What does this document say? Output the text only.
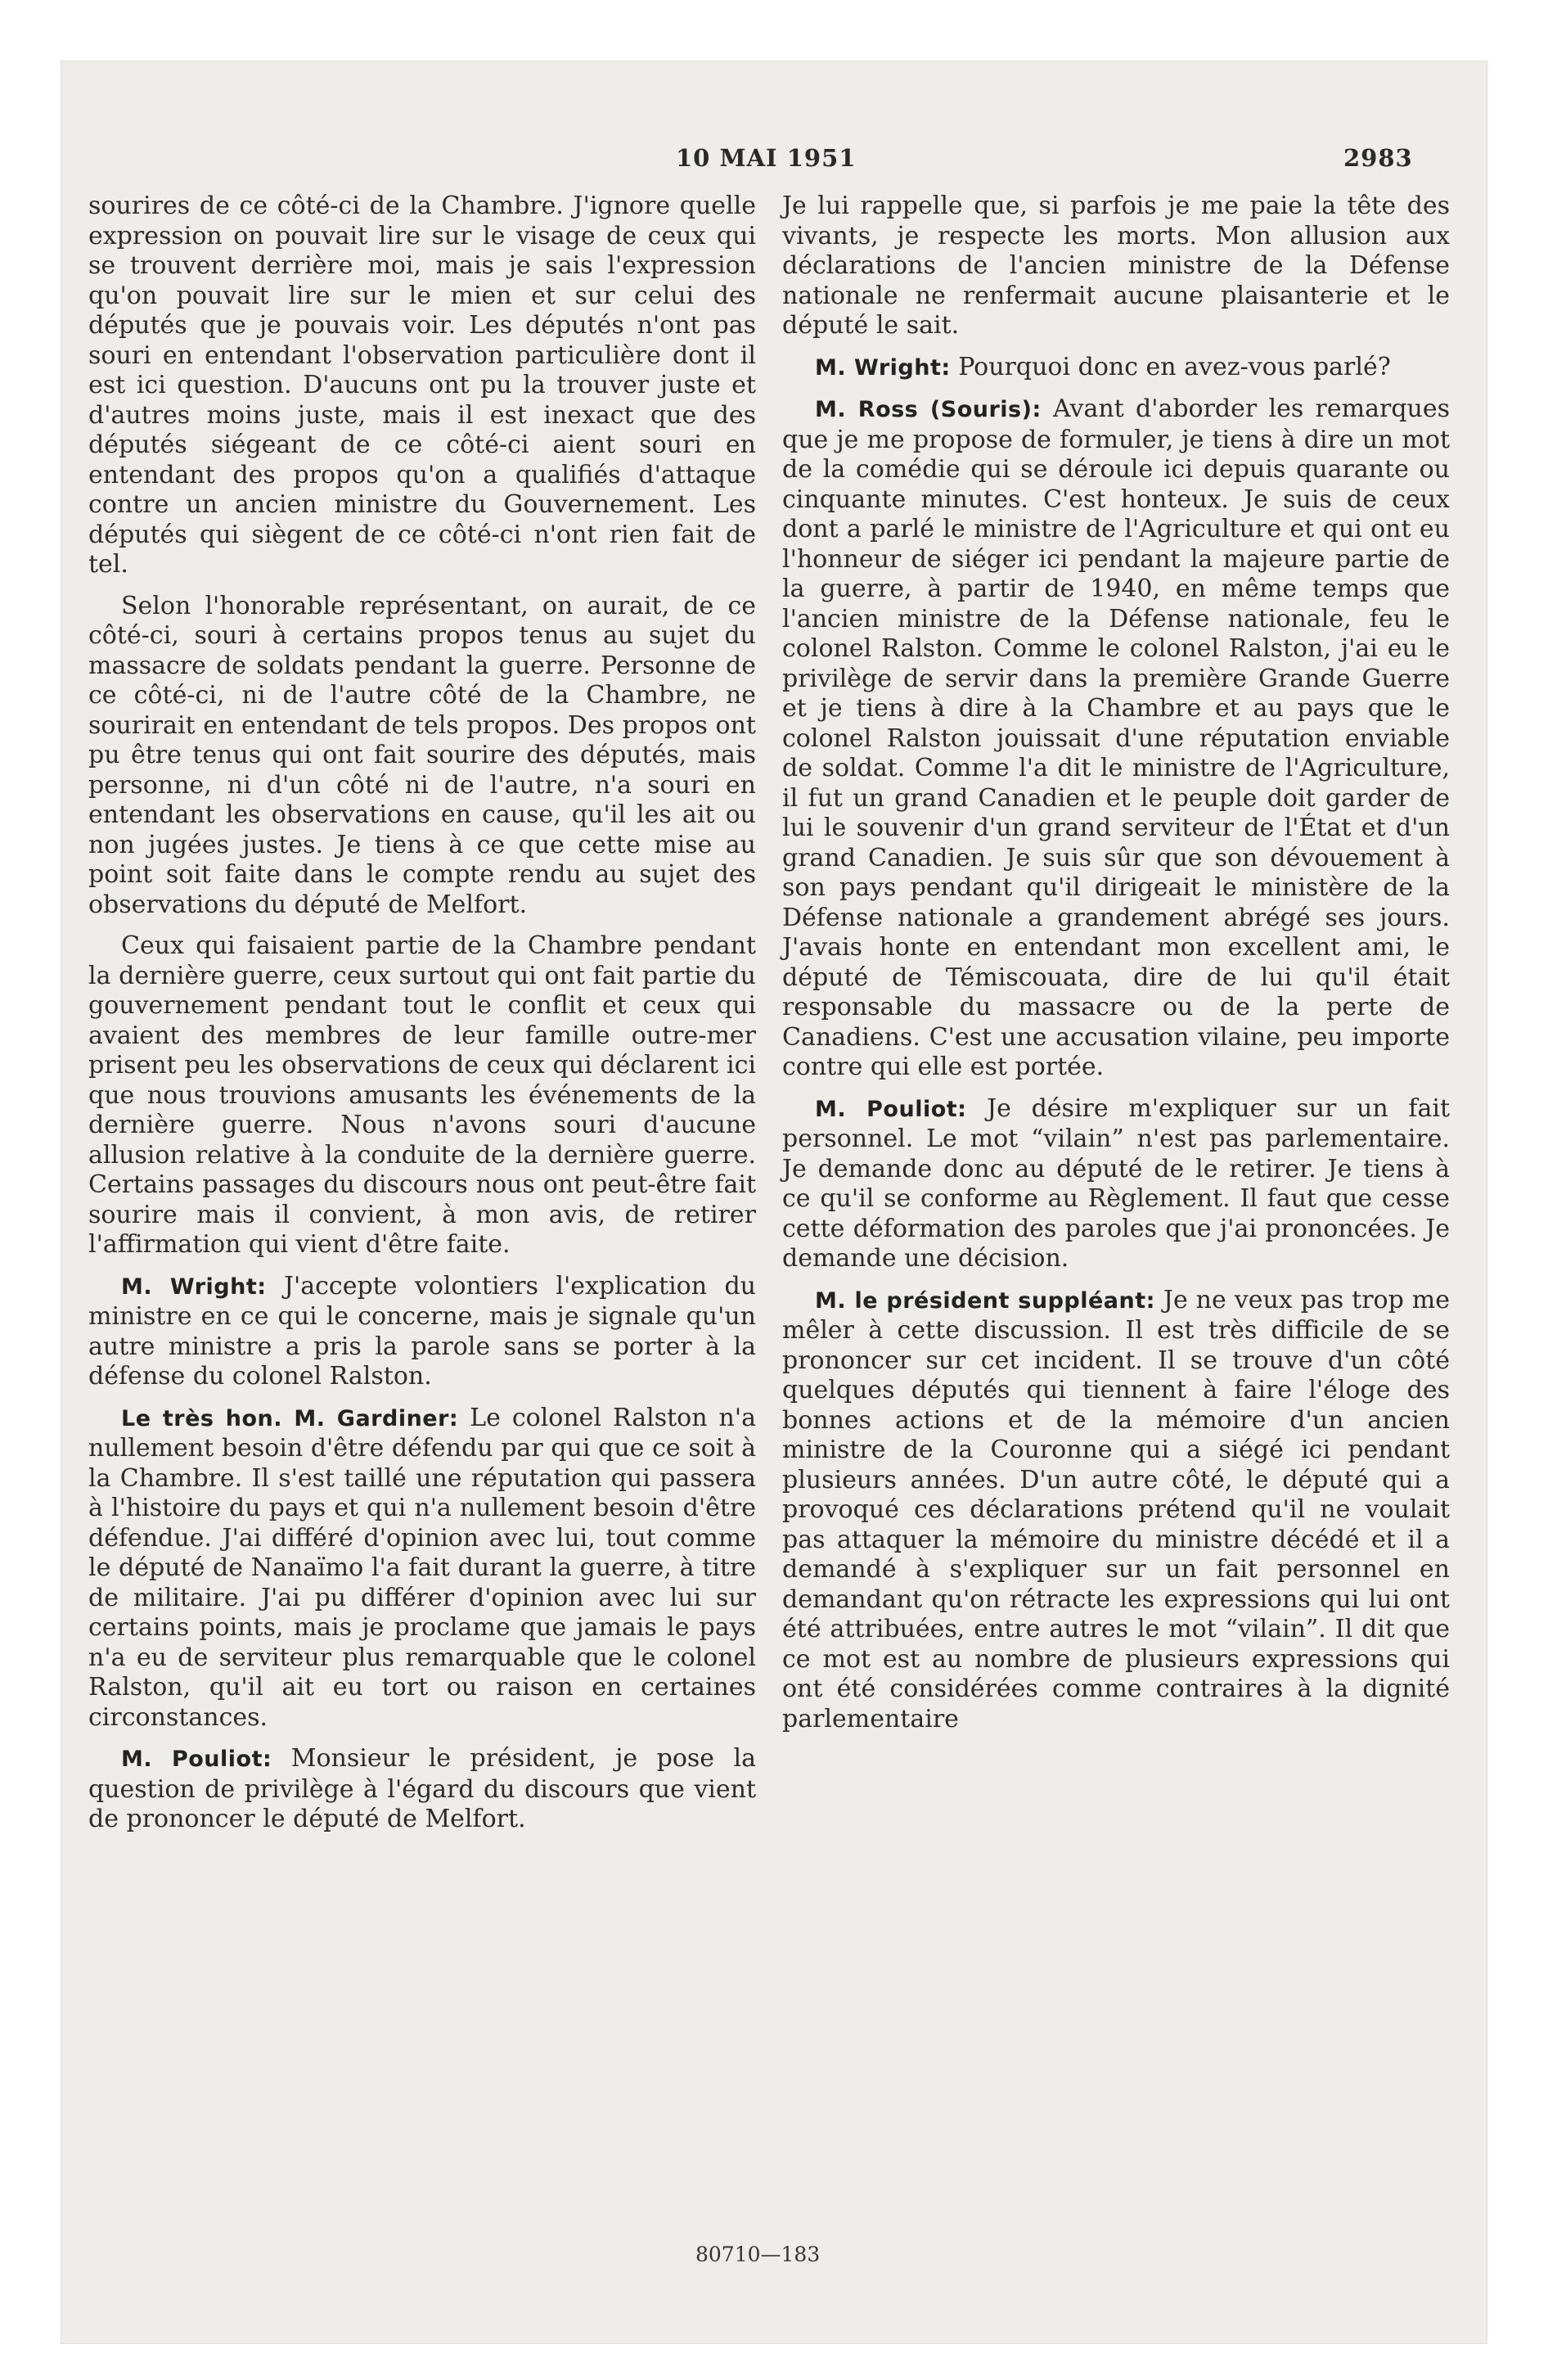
10 MAI 1951	2983

sourires de ce côté-ci de la Chambre. J'ignore quelle expression on pouvait lire sur le visage de ceux qui se trouvent derrière moi, mais je sais l'expression qu'on pouvait lire sur le mien et sur celui des députés que je pouvais voir. Les députés n'ont pas souri en entendant l'observation particulière dont il est ici question. D'aucuns ont pu la trouver juste et d'autres moins juste, mais il est inexact que des députés siégeant de ce côté-ci aient souri en entendant des propos qu'on a qualifiés d'attaque contre un ancien ministre du Gouvernement. Les députés qui siègent de ce côté-ci n'ont rien fait de tel.

Selon l'honorable représentant, on aurait, de ce côté-ci, souri à certains propos tenus au sujet du massacre de soldats pendant la guerre. Personne de ce côté-ci, ni de l'autre côté de la Chambre, ne sourirait en entendant de tels propos. Des propos ont pu être tenus qui ont fait sourire des députés, mais personne, ni d'un côté ni de l'autre, n'a souri en entendant les observations en cause, qu'il les ait ou non jugées justes. Je tiens à ce que cette mise au point soit faite dans le compte rendu au sujet des observations du député de Melfort.

Ceux qui faisaient partie de la Chambre pendant la dernière guerre, ceux surtout qui ont fait partie du gouvernement pendant tout le conflit et ceux qui avaient des membres de leur famille outre-mer prisent peu les observations de ceux qui déclarent ici que nous trouvions amusants les événements de la dernière guerre. Nous n'avons souri d'aucune allusion relative à la conduite de la dernière guerre. Certains passages du discours nous ont peut-être fait sourire mais il convient, à mon avis, de retirer l'affirmation qui vient d'être faite.

M. Wright: J'accepte volontiers l'explication du ministre en ce qui le concerne, mais je signale qu'un autre ministre a pris la parole sans se porter à la défense du colonel Ralston.

Le très hon. M. Gardiner: Le colonel Ralston n'a nullement besoin d'être défendu par qui que ce soit à la Chambre. Il s'est taillé une réputation qui passera à l'histoire du pays et qui n'a nullement besoin d'être défendue. J'ai différé d'opinion avec lui, tout comme le député de Nanaïmo l'a fait durant la guerre, à titre de militaire. J'ai pu différer d'opinion avec lui sur certains points, mais je proclame que jamais le pays n'a eu de serviteur plus remarquable que le colonel Ralston, qu'il ait eu tort ou raison en certaines circonstances.

M. Pouliot: Monsieur le président, je pose la question de privilège à l'égard du discours que vient de prononcer le député de Melfort.

Je lui rappelle que, si parfois je me paie la tête des vivants, je respecte les morts. Mon allusion aux déclarations de l'ancien ministre de la Défense nationale ne renfermait aucune plaisanterie et le député le sait.

M. Wright: Pourquoi donc en avez-vous parlé?

M. Ross (Souris): Avant d'aborder les remarques que je me propose de formuler, je tiens à dire un mot de la comédie qui se déroule ici depuis quarante ou cinquante minutes. C'est honteux. Je suis de ceux dont a parlé le ministre de l'Agriculture et qui ont eu l'honneur de siéger ici pendant la majeure partie de la guerre, à partir de 1940, en même temps que l'ancien ministre de la Défense nationale, feu le colonel Ralston. Comme le colonel Ralston, j'ai eu le privilège de servir dans la première Grande Guerre et je tiens à dire à la Chambre et au pays que le colonel Ralston jouissait d'une réputation enviable de soldat. Comme l'a dit le ministre de l'Agriculture, il fut un grand Canadien et le peuple doit garder de lui le souvenir d'un grand serviteur de l'État et d'un grand Canadien. Je suis sûr que son dévouement à son pays pendant qu'il dirigeait le ministère de la Défense nationale a grandement abrégé ses jours. J'avais honte en entendant mon excellent ami, le député de Témiscouata, dire de lui qu'il était responsable du massacre ou de la perte de Canadiens. C'est une accusation vilaine, peu importe contre qui elle est portée.

M. Pouliot: Je désire m'expliquer sur un fait personnel. Le mot “vilain” n'est pas parlementaire. Je demande donc au député de le retirer. Je tiens à ce qu'il se conforme au Règlement. Il faut que cesse cette déformation des paroles que j'ai prononcées. Je demande une décision.

M. le président suppléant: Je ne veux pas trop me mêler à cette discussion. Il est très difficile de se prononcer sur cet incident. Il se trouve d'un côté quelques députés qui tiennent à faire l'éloge des bonnes actions et de la mémoire d'un ancien ministre de la Couronne qui a siégé ici pendant plusieurs années. D'un autre côté, le député qui a provoqué ces déclarations prétend qu'il ne voulait pas attaquer la mémoire du ministre décédé et il a demandé à s'expliquer sur un fait personnel en demandant qu'on rétracte les expressions qui lui ont été attribuées, entre autres le mot “vilain”. Il dit que ce mot est au nombre de plusieurs expressions qui ont été considérées comme contraires à la dignité parlementaire

80710—183
